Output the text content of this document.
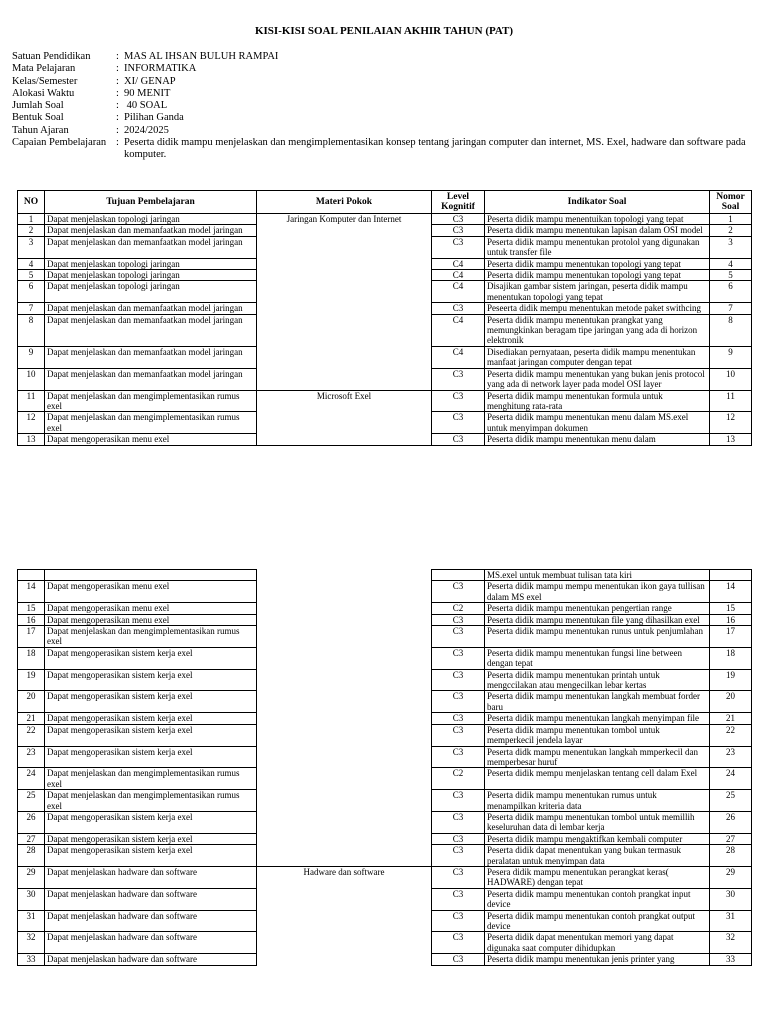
KISI-KISI SOAL PENILAIAN AKHIR TAHUN (PAT)
Satuan Pendidikan	: MAS AL IHSAN BULUH RAMPAI
Mata Pelajaran	: INFORMATIKA
Kelas/Semester	: XI/ GENAP
Alokasi Waktu	: 90 MENIT
Jumlah Soal	: 40 SOAL
Bentuk Soal	: Pilihan Ganda
Tahun Ajaran	: 2024/2025
Capaian Pembelajaran : Peserta didik mampu menjelaskan dan mengimplementasikan konsep tentang jaringan computer dan internet, MS. Exel, hadware dan software pada komputer.
NO	Tujuan Pembelajaran	Materi Pokok	Level Kognitif	Indikator Soal	Nomor Soal
1	Dapat menjelaskan topologi jaringan	Jaringan Komputer dan Internet	C3	Peserta didik mampu menentuikan topologi yang tepat	1
2	Dapat menjelaskan dan memanfaatkan model jaringan		C3	Peserta didik mampu menentukan lapisan dalam OSI model	2
3	Dapat menjelaskan dan memanfaatkan model jaringan		C3	Peserta didik mampu menentukan protolol yang digunakan untuk transfer file	3
4	Dapat menjelaskan topologi jaringan		C4	Peserta didik mampu menentukan topologi yang tepat	4
5	Dapat menjelaskan topologi jaringan		C4	Peserta didik mampu menentukan topologi yang tepat	5
6	Dapat menjelaskan topologi jaringan		C4	Disajikan gambar sistem jaringan, peserta didik mampu menentukan topologi yang tepat	6
7	Dapat menjelaskan dan memanfaatkan model jaringan		C3	Peseerta didik mempu menentukan metode paket swithcing	7
8	Dapat menjelaskan dan memanfaatkan model jaringan		C4	Peserta didik mampu menentukan prangkat yang memungkinkan beragam tipe jaringan yang ada di horizon elektronik	8
9	Dapat menjelaskan dan memanfaatkan model jaringan		C4	Disediakan pernyataan, peserta didik mampu menentukan manfaat jaringan computer dengan tepat	9
10	Dapat menjelaskan dan memanfaatkan model jaringan		C3	Peserta didik mampu menentukan yang bukan jenis protocol yang ada di network layer pada model OSI layer	10
11	Dapat menjelaskan dan mengimplementasikan rumus exel	Microsoft Exel	C3	Peserta didik mampu menentukan formula untuk menghitung rata-rata	11
12	Dapat menjelaskan dan mengimplementasikan rumus exel		C3	Peserta didik mampu menentukan menu dalam MS.exel untuk menyimpan dokumen	12
13	Dapat mengoperasikan menu exel		C3	Peserta didik mampu menentukan menu dalam	13
				MS.exel untuk membuat tulisan tata kiri	
14	Dapat mengoperasikan menu exel		C3	Peserta didik mampu mempu menentukan ikon gaya tullisan dalam MS exel	14
15	Dapat mengoperasikan menu exel		C2	Peserta didik mampu menentukan pengertian range	15
16	Dapat mengoperasikan menu exel		C3	Peserta didik mampu menentukan file yang dihasilkan exel	16
17	Dapat menjelaskan dan mengimplementasikan rumus exel		C3	Peserta didik mampu menentukan runus untuk penjumlahan	17
18	Dapat mengoperasikan sistem kerja exel		C3	Peserta didik mampu menentukan fungsi line between dengan tepat	18
19	Dapat mengoperasikan sistem kerja exel		C3	Peserta didik mampu menentukan printah untuk mengccilakan atau mengecilkan lebar kertas	19
20	Dapat mengoperasikan sistem kerja exel		C3	Peserta didik mampu menentukan langkah membuat forder baru	20
21	Dapat mengoperasikan sistem kerja exel		C3	Peserta didik mampu menentukan langkah menyimpan file	21
22	Dapat mengoperasikan sistem kerja exel		C3	Peserta didik mampu menentukan tombol untuk memperkecil jendela layar	22
23	Dapat mengoperasikan sistem kerja exel		C3	Peserta didk mampu menentukan langkah mmperkecil dan memperbesar huruf	23
24	Dapat menjelaskan dan mengimplementasikan rumus exel		C2	Peserta didik mempu menjelaskan tentang cell dalam Exel	24
25	Dapat menjelaskan dan mengimplementasikan rumus exel		C3	Peserta didik mampu menentukan rumus untuk menampilkan kriteria data	25
26	Dapat mengoperasikan sistem kerja exel		C3	Peserta didik mampu menentukan tombol untuk memillih keseluruhan data di lembar kerja	26
27	Dapat mengoperasikan sistem kerja exel		C3	Peserta didik mampu mengaktifkan kembali computer	27
28	Dapat mengoperasikan sistem kerja exel		C3	Peserta didik dapat menentukan yang bukan termasuk peralatan untuk menyimpan data	28
29	Dapat menjelaskan hadware dan software	Hadware dan software	C3	Pesera didik mampu menentukan perangkat keras( HADWARE) dengan tepat	29
30	Dapat menjelaskan hadware dan software		C3	Peserta didik mampu menentukan contoh prangkat input device	30
31	Dapat menjelaskan hadware dan software		C3	Peserta didik mampu menentukan contoh prangkat output device	31
32	Dapat menjelaskan hadware dan software		C3	Peserta didik dapat menentukan memori yang dapat digunaka saat computer dihidupkan	32
33	Dapat menjelaskan hadware dan software		C3	Peserta didik mampu menentukan jenis printer yang	33
